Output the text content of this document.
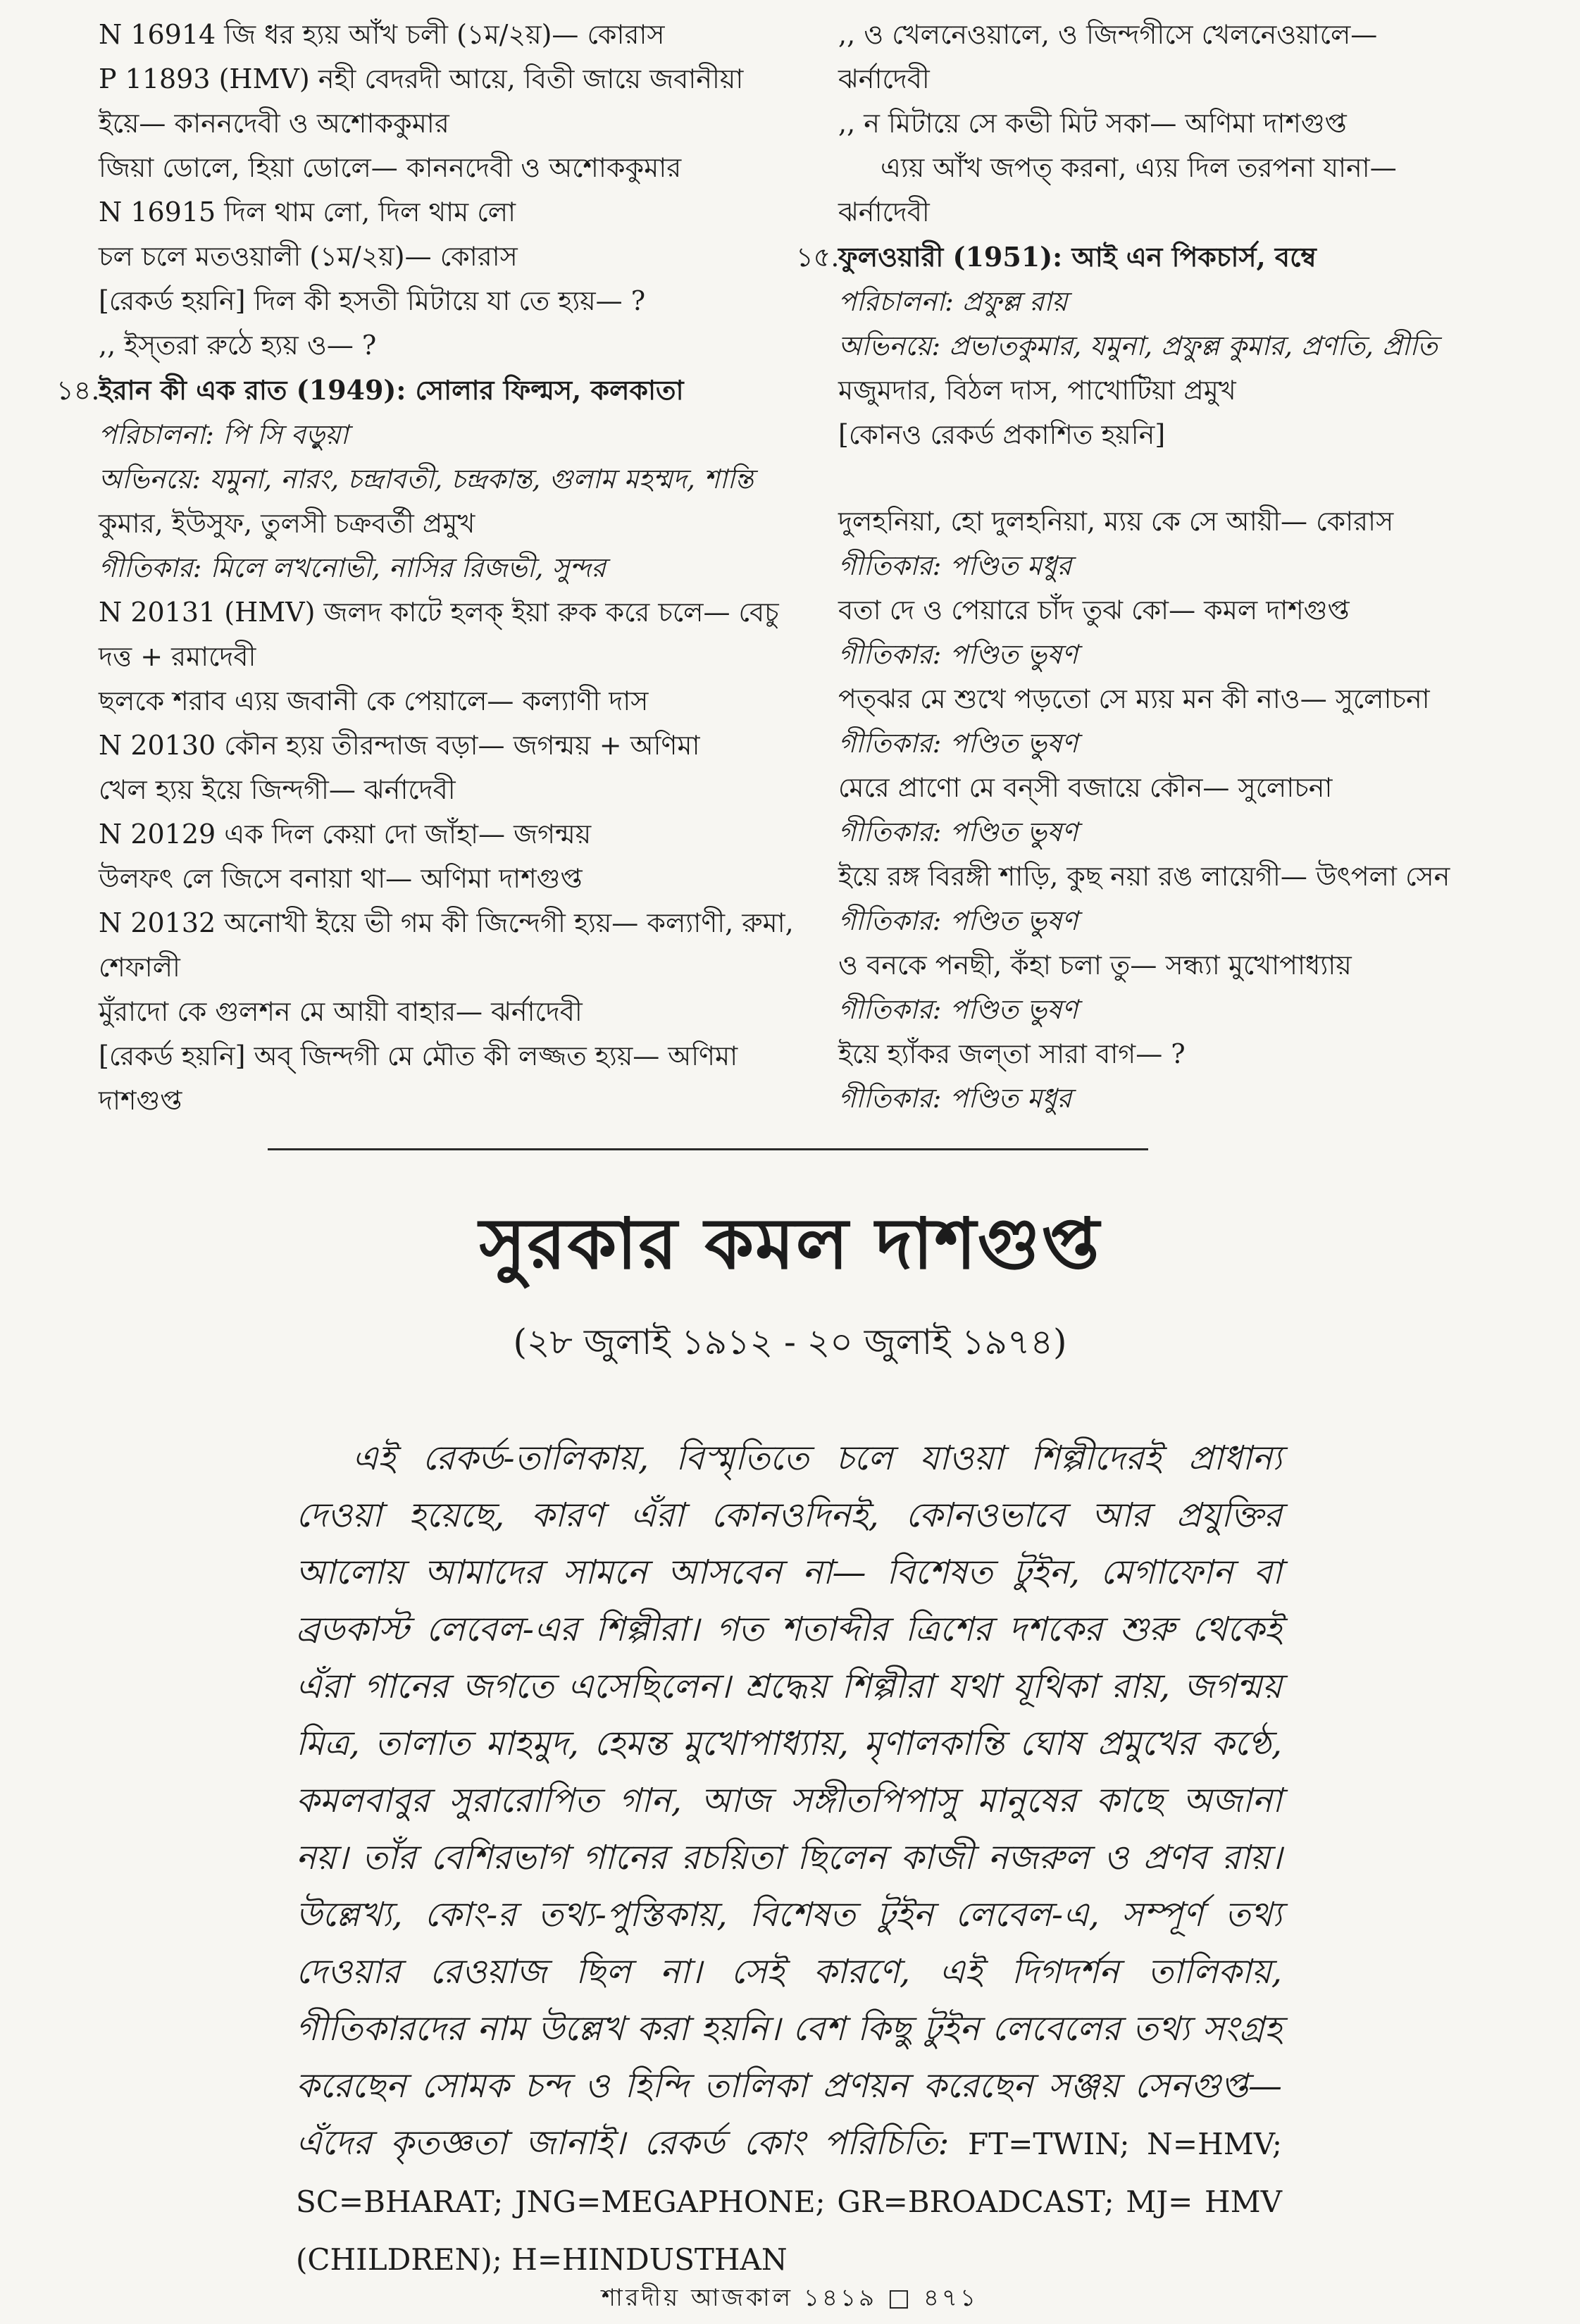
N 16914 জি ধর হ্যয় আঁখ চলী (১ম/২য়)— কোরাস
P 11893 (HMV) নহী বেদরদী আয়ে, বিতী জায়ে জবানীয়া
ইয়ে— কাননদেবী ও অশোককুমার
জিয়া ডোলে, হিয়া ডোলে— কাননদেবী ও অশোককুমার
N 16915 দিল থাম লো, দিল থাম লো
চল চলে মতওয়ালী (১ম/২য়)— কোরাস
[রেকর্ড হয়নি] দিল কী হসতী মিটায়ে যা তে হ্যয়— ?
,, ইস্‌তরা রুঠে হ্যয় ও— ?
১৪.ইরান কী এক রাত (1949): সোলার ফিল্মস, কলকাতা
পরিচালনা: পি সি বড়ুয়া
অভিনয়ে: যমুনা, নারং, চন্দ্রাবতী, চন্দ্রকান্ত, গুলাম মহম্মদ, শান্তি
কুমার, ইউসুফ, তুলসী চক্রবর্তী প্রমুখ
গীতিকার: মিলে লখনোভী, নাসির রিজভী, সুন্দর
N 20131 (HMV) জলদ কাটে হলক্‌ ইয়া রুক করে চলে— বেচু
দত্ত + রমাদেবী
ছলকে শরাব এ্যয় জবানী কে পেয়ালে— কল্যাণী দাস
N 20130 কৌন হ্যয় তীরন্দাজ বড়া— জগন্ময় + অণিমা
খেল হ্যয় ইয়ে জিন্দগী— ঝর্নাদেবী
N 20129 এক দিল কেয়া দো জাঁহা— জগন্ময়
উলফৎ লে জিসে বনায়া থা— অণিমা দাশগুপ্ত
N 20132 অনোখী ইয়ে ভী গম কী জিন্দেগী হ্যয়— কল্যাণী, রুমা,
শেফালী
মুঁরাদো কে গুলশন মে আয়ী বাহার— ঝর্নাদেবী
[রেকর্ড হয়নি] অব্‌ জিন্দগী মে মৌত কী লজ্জত হ্যয়— অণিমা
দাশগুপ্ত
,, ও খেলনেওয়ালে, ও জিন্দগীসে খেলনেওয়ালে—
ঝর্নাদেবী
,, ন মিটায়ে সে কভী মিট সকা— অণিমা দাশগুপ্ত
এ্যয় আঁখ জপত্‌ করনা, এ্যয় দিল তরপনা যানা—
ঝর্নাদেবী
১৫.ফুলওয়ারী (1951): আই এন পিকচার্স, বম্বে
পরিচালনা: প্রফুল্ল রায়
অভিনয়ে: প্রভাতকুমার, যমুনা, প্রফুল্ল কুমার, প্রণতি, প্রীতি
মজুমদার, বিঠল দাস, পাখোটিয়া প্রমুখ
[কোনও রেকর্ড প্রকাশিত হয়নি]
দুলহনিয়া, হো দুলহনিয়া, ম্যয় কে সে আয়ী— কোরাস
গীতিকার: পণ্ডিত মধুর
বতা দে ও পেয়ারে চাঁদ তুঝ কো— কমল দাশগুপ্ত
গীতিকার: পণ্ডিত ভুষণ
পত্‌ঝর মে শুখে পড়তো সে ম্যয় মন কী নাও— সুলোচনা
গীতিকার: পণ্ডিত ভুষণ
মেরে প্রাণো মে বন্‌সী বজায়ে কৌন— সুলোচনা
গীতিকার: পণ্ডিত ভুষণ
ইয়ে রঙ্গ বিরঙ্গী শাড়ি, কুছ নয়া রঙ লায়েগী— উৎপলা সেন
গীতিকার: পণ্ডিত ভুষণ
ও বনকে পনছী, কঁহা চলা তু— সন্ধ্যা মুখোপাধ্যায়
গীতিকার: পণ্ডিত ভুষণ
ইয়ে হ্যাঁকর জল্‌তা সারা বাগ— ?
গীতিকার: পণ্ডিত মধুর
সুরকার কমল দাশগুপ্ত
(২৮ জুলাই ১৯১২ - ২০ জুলাই ১৯৭৪)
এই রেকর্ড-তালিকায়, বিস্মৃতিতে চলে যাওয়া শিল্পীদেরই প্রাধান্য দেওয়া হয়েছে, কারণ এঁরা কোনওদিনই, কোনওভাবে আর প্রযুক্তির আলোয় আমাদের সামনে আসবেন না— বিশেষত টুইন, মেগাফোন বা ব্রডকাস্ট লেবেল-এর শিল্পীরা। গত শতাব্দীর ত্রিশের দশকের শুরু থেকেই এঁরা গানের জগতে এসেছিলেন। শ্রদ্ধেয় শিল্পীরা যথা যূথিকা রায়, জগন্ময় মিত্র, তালাত মাহমুদ, হেমন্ত মুখোপাধ্যায়, মৃণালকান্তি ঘোষ প্রমুখের কণ্ঠে, কমলবাবুর সুরারোপিত গান, আজ সঙ্গীতপিপাসু মানুষের কাছে অজানা নয়। তাঁর বেশিরভাগ গানের রচয়িতা ছিলেন কাজী নজরুল ও প্রণব রায়। উল্লেখ্য, কোং-র তথ্য-পুস্তিকায়, বিশেষত টুইন লেবেল-এ, সম্পূর্ণ তথ্য দেওয়ার রেওয়াজ ছিল না। সেই কারণে, এই দিগদর্শন তালিকায়, গীতিকারদের নাম উল্লেখ করা হয়নি। বেশ কিছু টুইন লেবেলের তথ্য সংগ্রহ করেছেন সোমক চন্দ ও হিন্দি তালিকা প্রণয়ন করেছেন সঞ্জয় সেনগুপ্ত— এঁদের কৃতজ্ঞতা জানাই। রেকর্ড কোং পরিচিতি: FT=TWIN; N=HMV; SC=BHARAT; JNG=MEGAPHONE; GR=BROADCAST; MJ= HMV (CHILDREN); H=HINDUSTHAN
শারদীয় আজকাল ১৪১৯ □ ৪৭১
